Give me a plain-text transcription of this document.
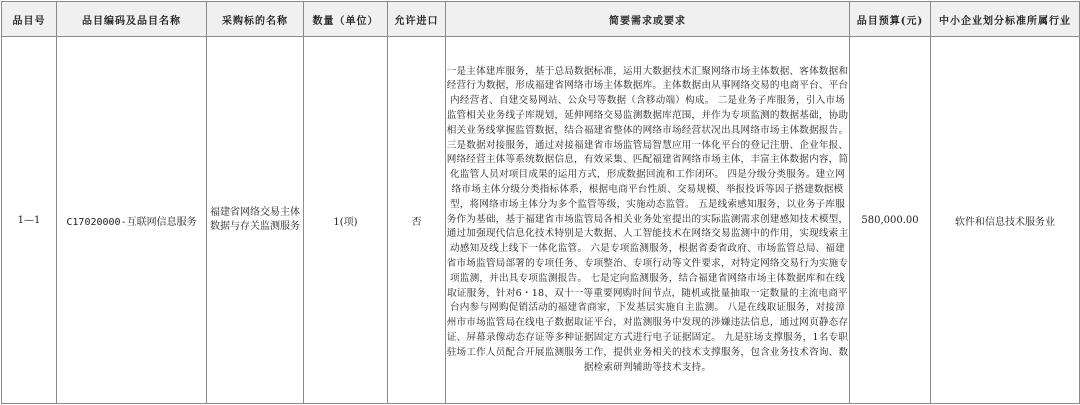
品目号	品目编码及品目名称	采购标的名称	数量（单位）	允许进口	简要需求或要求	品目预算(元)	中小企业划分标准所属行业
1—1	C17020000-互联网信息服务	福建省网络交易主体数据与存关监测服务	1(项)	否	一是主体建库服务，基于总局数据标准，运用大数据技术汇聚网络市场主体数据、客体数据和经营行为数据，形成福建省网络市场主体数据库。主体数据由从事网络交易的电商平台、平台内经营者、自建交易网站、公众号等数据（含移动端）构成。 二是业务子库服务，引入市场监管相关业务线子库规划，延伸网络交易监测数据库范围，并作为专项监测的数据基础，协助相关业务线掌握监管数据，结合福建省整体的网络市场经营状况出具网络市场主体数据报告。 三是数据对接服务，通过对接福建省市场监管局智慧应用一体化平台的登记注册、企业年报、网络经营主体等系统数据信息，有效采集、匹配福建省网络市场主体，丰富主体数据内容，简化监管人员对项目成果的运用方式，形成数据回流和工作闭环。 四是分级分类服务。建立网络市场主体分级分类指标体系，根据电商平台性质、交易规模、举报投诉等因子搭建数据模型，将网络市场主体分为多个监管等级，实施动态监管。 五是线索感知服务，以业务子库服务作为基础，基于福建省市场监管局各相关业务处室提出的实际监测需求创建感知技术模型，通过加强现代信息化技术特别是大数据、人工智能技术在网络交易监测中的作用，实现线索主动感知及线上线下一体化监管。 六是专项监测服务，根据省委省政府、市场监管总局、福建省市场监管局部署的专项任务、专项整治、专项行动等文件要求，对特定网络交易行为实施专项监测，并出具专项监测报告。 七是定向监测服务，结合福建省网络市场主体数据库和在线取证服务，针对6・18、双十一等重要网购时间节点，随机或批量抽取一定数量的主流电商平台内参与网购促销活动的福建省商家，下发基层实施自主监测。 八是在线取证服务，对接漳州市市场监管局在线电子数据取证平台，对监测服务中发现的涉嫌违法信息，通过网页静态存证、屏幕录像动态存证等多种证据固定方式进行电子证据固定。 九是驻场支撑服务，1名专职驻场工作人员配合开展监测服务工作，提供业务相关的技术支撑服务，包含业务技术咨询、数据检索研判辅助等技术支持。	580,000.00	软件和信息技术服务业
